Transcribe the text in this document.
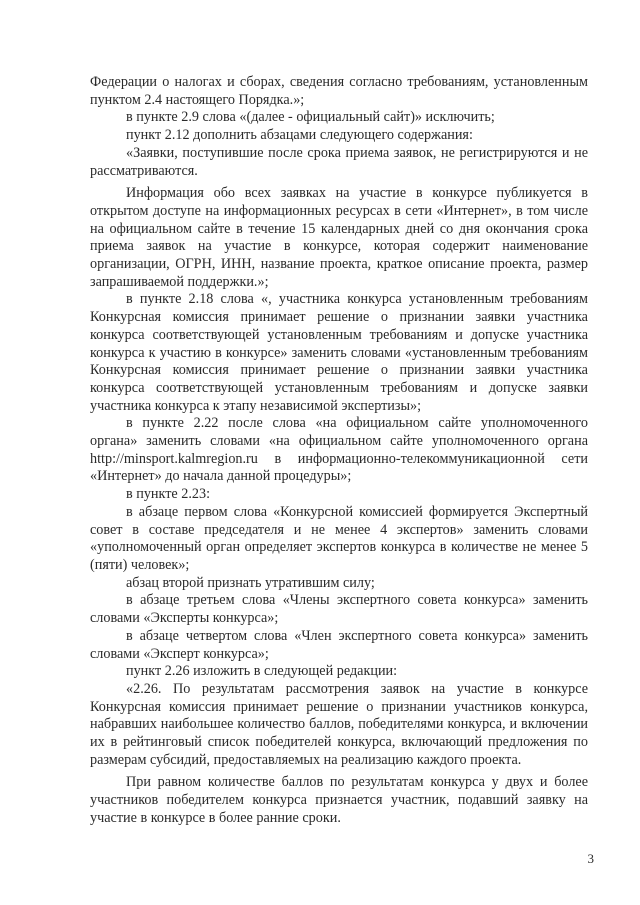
Федерации о налогах и сборах, сведения согласно требованиям, установленным пунктом 2.4 настоящего Порядка.»;

в пункте 2.9 слова «(далее - официальный сайт)» исключить;

пункт 2.12 дополнить абзацами следующего содержания:

«Заявки, поступившие после срока приема заявок, не регистрируются и не рассматриваются.

Информация обо всех заявках на участие в конкурсе публикуется в открытом доступе на информационных ресурсах в сети «Интернет», в том числе на официальном сайте в течение 15 календарных дней со дня окончания срока приема заявок на участие в конкурсе, которая содержит наименование организации, ОГРН, ИНН, название проекта, краткое описание проекта, размер запрашиваемой поддержки.»;

в пункте 2.18 слова «, участника конкурса установленным требованиям Конкурсная комиссия принимает решение о признании заявки участника конкурса соответствующей установленным требованиям и допуске участника конкурса к участию в конкурсе» заменить словами «установленным требованиям Конкурсная комиссия принимает решение о признании заявки участника конкурса соответствующей установленным требованиям и допуске заявки участника конкурса к этапу независимой экспертизы»;

в пункте 2.22 после слова «на официальном сайте уполномоченного органа» заменить словами «на официальном сайте уполномоченного органа http://minsport.kalmregion.ru в информационно-телекоммуникационной сети «Интернет» до начала данной процедуры»;

в пункте 2.23:

в абзаце первом слова «Конкурсной комиссией формируется Экспертный совет в составе председателя и не менее 4 экспертов» заменить словами «уполномоченный орган определяет экспертов конкурса в количестве не менее 5 (пяти) человек»;

абзац второй признать утратившим силу;

в абзаце третьем слова «Члены экспертного совета конкурса» заменить словами «Эксперты конкурса»;

в абзаце четвертом слова «Член экспертного совета конкурса» заменить словами «Эксперт конкурса»;

пункт 2.26 изложить в следующей редакции:

«2.26. По результатам рассмотрения заявок на участие в конкурсе Конкурсная комиссия принимает решение о признании участников конкурса, набравших наибольшее количество баллов, победителями конкурса, и включении их в рейтинговый список победителей конкурса, включающий предложения по размерам субсидий, предоставляемых на реализацию каждого проекта.

При равном количестве баллов по результатам конкурса у двух и более участников победителем конкурса признается участник, подавший заявку на участие в конкурсе в более ранние сроки.

3
